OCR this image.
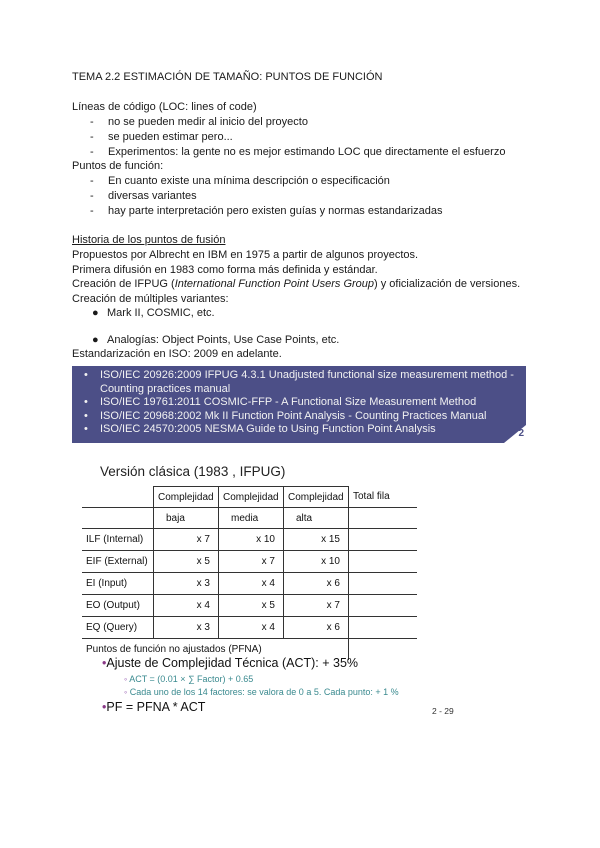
TEMA 2.2 ESTIMACIÓN DE TAMAÑO: PUNTOS DE FUNCIÓN
Líneas de código (LOC: lines of code)
- no se pueden medir al inicio del proyecto
- se pueden estimar pero...
- Experimentos: la gente no es mejor estimando LOC que directamente el esfuerzo
Puntos de función:
- En cuanto existe una mínima descripción o especificación
- diversas variantes
- hay parte interpretación pero existen guías y normas estandarizadas
Historia de los puntos de fusión
Propuestos por Albrecht en IBM en 1975 a partir de algunos proyectos.
Primera difusión en 1983 como forma más definida y estándar.
Creación de IFPUG (International Function Point Users Group) y oficialización de versiones.
Creación de múltiples variantes:
● Mark II, COSMIC, etc.
● Analogías: Object Points, Use Case Points, etc.
Estandarización en ISO: 2009 en adelante.
•	ISO/IEC 20926:2009 IFPUG 4.3.1 Unadjusted functional size measurement method - Counting practices manual
•	ISO/IEC 19761:2011 COSMIC-FFP - A Functional Size Measurement Method
•	ISO/IEC 20968:2002 Mk II Function Point Analysis - Counting Practices Manual
•	ISO/IEC 24570:2005 NESMA Guide to Using Function Point Analysis	2
Versión clásica (1983 , IFPUG)
	Complejidad	Complejidad	Complejidad	Total fila
	baja	media	alta	
ILF (Internal)	x 7	x 10	x 15	
EIF (External)	x 5	x 7	x 10	
EI (Input)	x 3	x 4	x 6	
EO (Output)	x 4	x 5	x 7	
EQ (Query)	x 3	x 4	x 6	
Puntos de función no ajustados (PFNA)				
•Ajuste de Complejidad Técnica (ACT): + 35%
◦ ACT = (0.01 × ∑ Factor) + 0.65
◦ Cada uno de los 14 factores: se valora de 0 a 5. Cada punto: + 1 %
•PF = PFNA * ACT	2 - 29
